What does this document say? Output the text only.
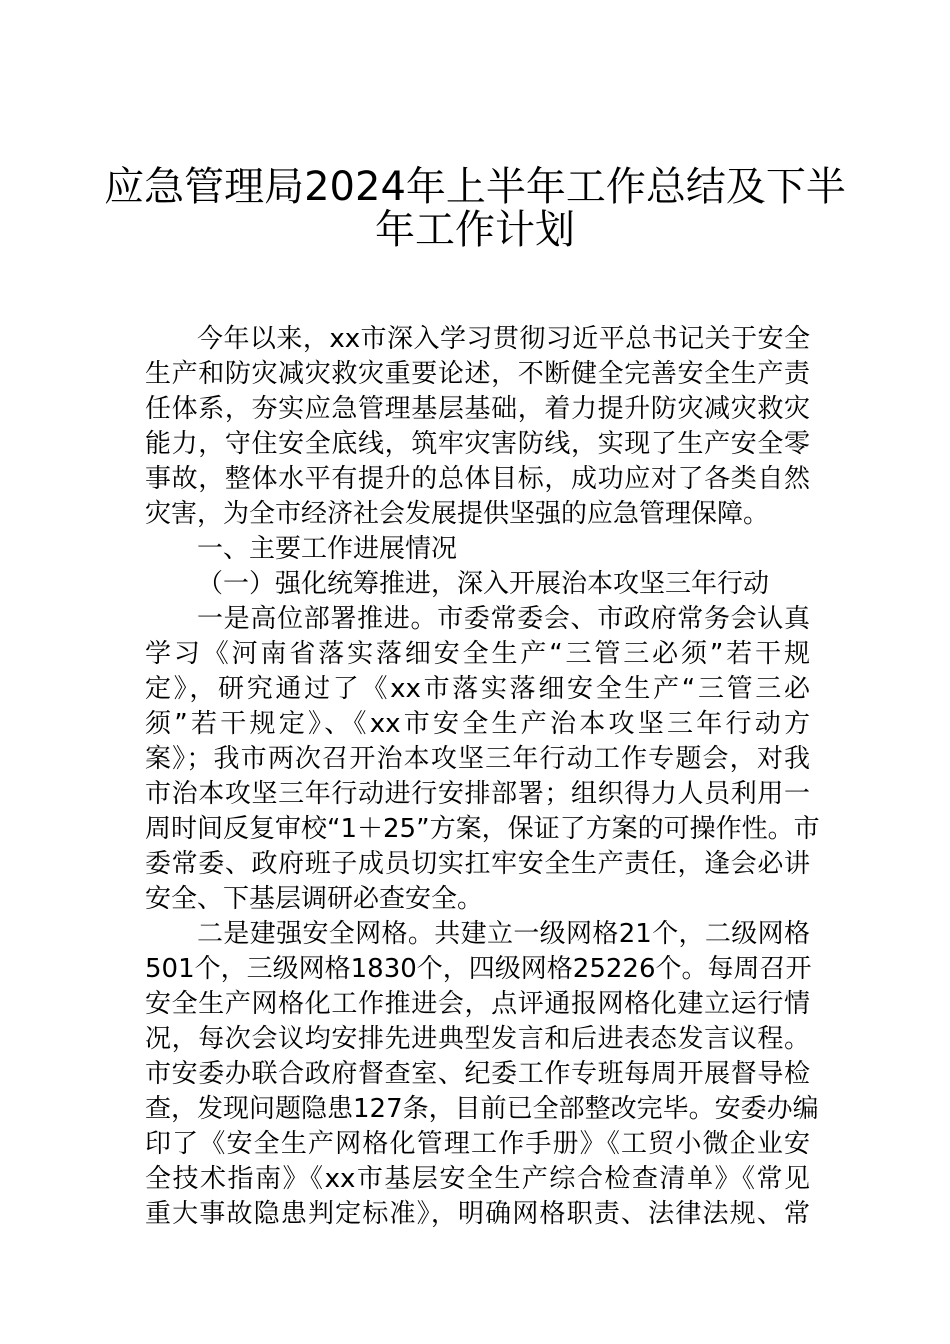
应急管理局2024年上半年工作总结及下半
年工作计划
今年以来，xx市深入学习贯彻习近平总书记关于安全
生产和防灾减灾救灾重要论述，不断健全完善安全生产责
任体系，夯实应急管理基层基础，着力提升防灾减灾救灾
能力，守住安全底线，筑牢灾害防线，实现了生产安全零
事故，整体水平有提升的总体目标，成功应对了各类自然
灾害，为全市经济社会发展提供坚强的应急管理保障。
一、主要工作进展情况
（一）强化统筹推进，深入开展治本攻坚三年行动
一是高位部署推进。市委常委会、市政府常务会认真
学习《河南省落实落细安全生产“三管三必须”若干规
定》，研究通过了《xx市落实落细安全生产“三管三必
须”若干规定》、《xx市安全生产治本攻坚三年行动方
案》；我市两次召开治本攻坚三年行动工作专题会，对我
市治本攻坚三年行动进行安排部署；组织得力人员利用一
周时间反复审校“1＋25”方案，保证了方案的可操作性。市
委常委、政府班子成员切实扛牢安全生产责任，逢会必讲
安全、下基层调研必查安全。
二是建强安全网格。共建立一级网格21个，二级网格
501个，三级网格1830个，四级网格25226个。每周召开
安全生产网格化工作推进会，点评通报网格化建立运行情
况，每次会议均安排先进典型发言和后进表态发言议程。
市安委办联合政府督查室、纪委工作专班每周开展督导检
查，发现问题隐患127条，目前已全部整改完毕。安委办编
印了《安全生产网格化管理工作手册》《工贸小微企业安
全技术指南》《xx市基层安全生产综合检查清单》《常见
重大事故隐患判定标准》，明确网格职责、法律法规、常
